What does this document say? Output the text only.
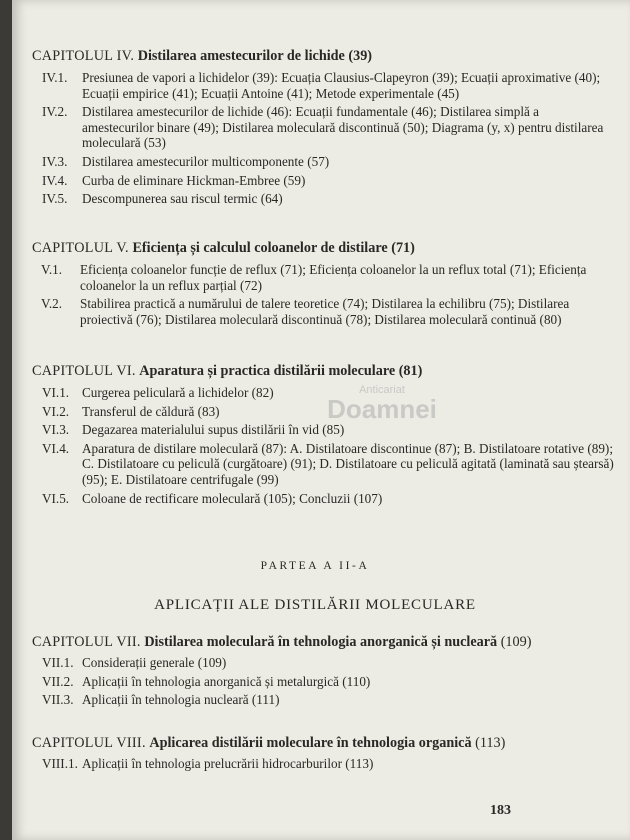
Anticariat
Doamnei

CAPITOLUL IV. Distilarea amestecurilor de lichide (39)

IV.1. Presiunea de vapori a lichidelor (39): Ecuația Clausius-Clapeyron (39); Ecuații aproximative (40); Ecuații empirice (41); Ecuații Antoine (41); Metode experimentale (45)

IV.2. Distilarea amestecurilor de lichide (46): Ecuații fundamentale (46); Distilarea simplă a amestecurilor binare (49); Distilarea moleculară discontinuă (50); Diagrama (y, x) pentru distilarea moleculară (53)

IV.3. Distilarea amestecurilor multicomponente (57)

IV.4. Curba de eliminare Hickman-Embree (59)

IV.5. Descompunerea sau riscul termic (64)

CAPITOLUL V. Eficiența și calculul coloanelor de distilare (71)

V.1. Eficiența coloanelor funcție de reflux (71); Eficiența coloanelor la un reflux total (71); Eficiența coloanelor la un reflux parțial (72)

V.2. Stabilirea practică a numărului de talere teoretice (74); Distilarea la echilibru (75); Distilarea proiectivă (76); Distilarea moleculară discontinuă (78); Distilarea moleculară continuă (80)

CAPITOLUL VI. Aparatura și practica distilării moleculare (81)

VI.1. Curgerea peliculară a lichidelor (82)

VI.2. Transferul de căldură (83)

VI.3. Degazarea materialului supus distilării în vid (85)

VI.4. Aparatura de distilare moleculară (87): A. Distilatoare discontinue (87); B. Distilatoare rotative (89); C. Distilatoare cu peliculă (curgătoare) (91); D. Distilatoare cu peliculă agitată (laminată sau ștearsă) (95); E. Distilatoare centrifugale (99)

VI.5. Coloane de rectificare moleculară (105); Concluzii (107)

PARTEA A II-A
APLICAȚII ALE DISTILĂRII MOLECULARE

CAPITOLUL VII. Distilarea moleculară în tehnologia anorganică și nucleară (109)

VII.1. Considerații generale (109)

VII.2. Aplicații în tehnologia anorganică și metalurgică (110)

VII.3. Aplicații în tehnologia nucleară (111)

CAPITOLUL VIII. Aplicarea distilării moleculare în tehnologia organică (113)

VIII.1. Aplicații în tehnologia prelucrării hidrocarburilor (113)

183
